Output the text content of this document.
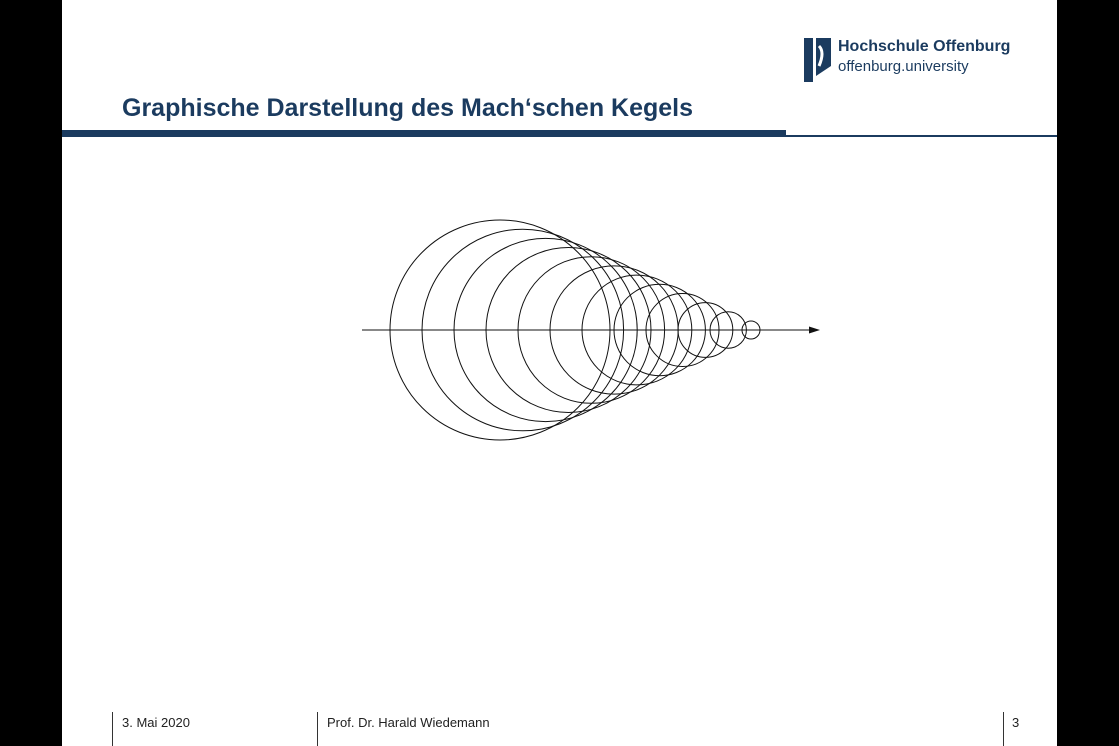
Hochschule Offenburg
offenburg.university
Graphische Darstellung des Mach‘schen Kegels
3. Mai 2020	Prof. Dr. Harald Wiedemann	3
